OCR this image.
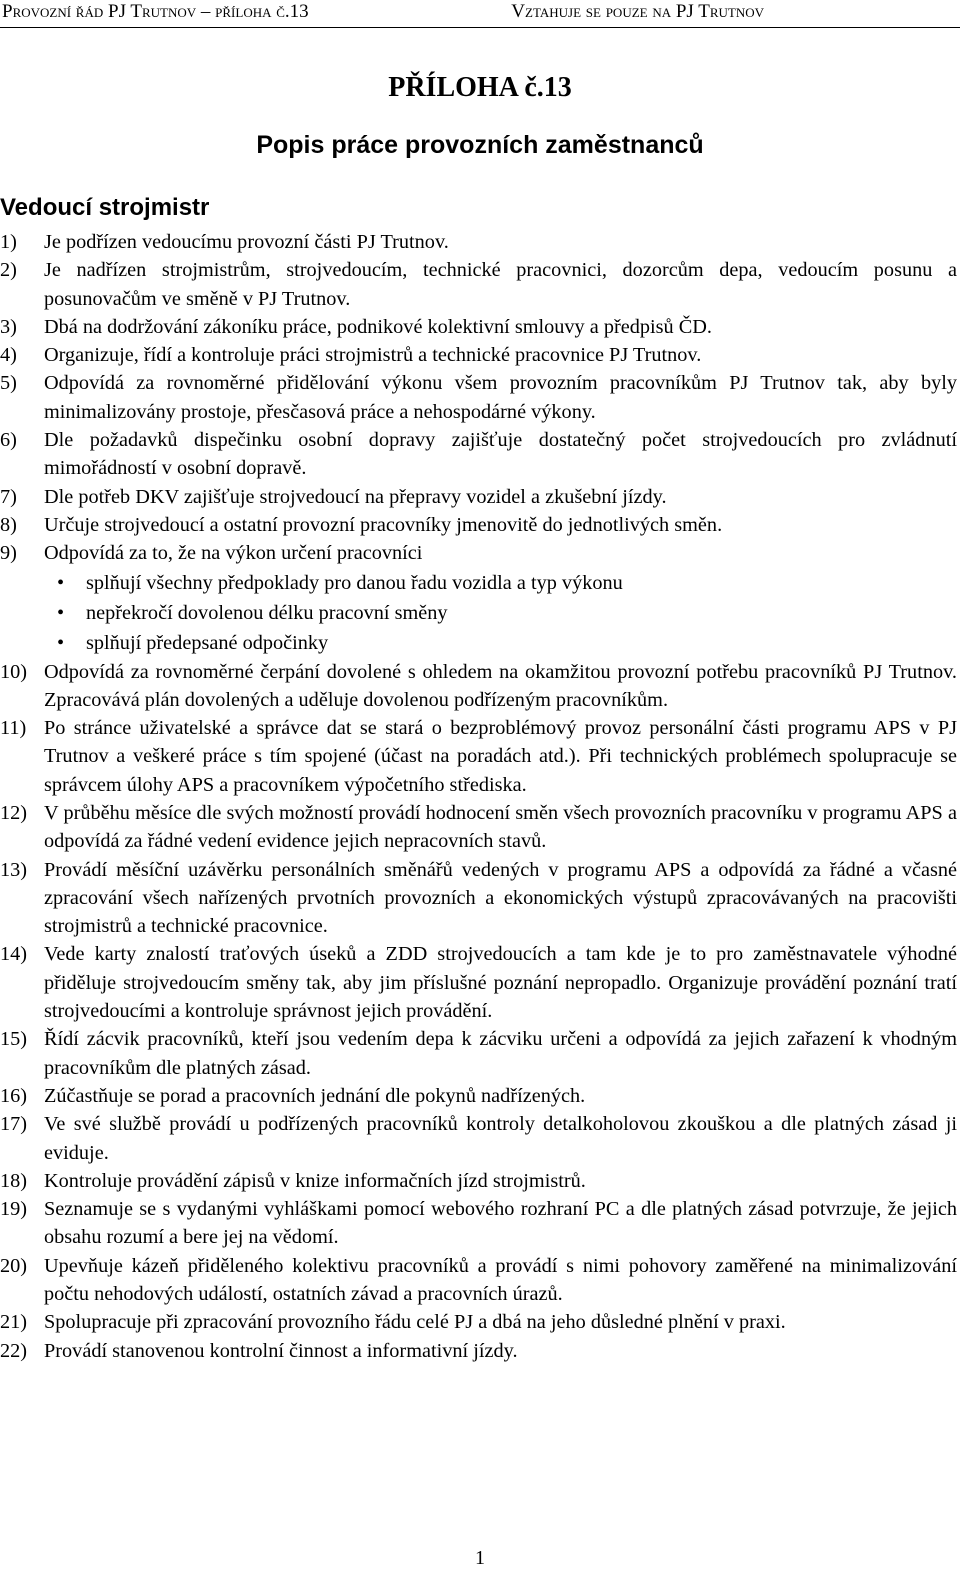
Provozní řád PJ Trutnov – příloha č.13	Vztahuje se pouze na PJ Trutnov
PŘÍLOHA č.13
Popis práce provozních zaměstnanců
Vedoucí strojmistr
1) Je podřízen vedoucímu provozní části PJ Trutnov.
2) Je nadřízen strojmistrům, strojvedoucím, technické pracovnici, dozorcům depa, vedoucím posunu a posunovačům ve směně v PJ Trutnov.
3) Dbá na dodržování zákoníku práce, podnikové kolektivní smlouvy a předpisů ČD.
4) Organizuje, řídí a kontroluje práci strojmistrů a technické pracovnice PJ Trutnov.
5) Odpovídá za rovnoměrné přidělování výkonu všem provozním pracovníkům PJ Trutnov tak, aby byly minimalizovány prostoje, přesčasová práce a nehospodárné výkony.
6) Dle požadavků dispečinku osobní dopravy zajišťuje dostatečný počet strojvedoucích pro zvládnutí mimořádností v osobní dopravě.
7) Dle potřeb DKV zajišťuje strojvedoucí na přepravy vozidel a zkušební jízdy.
8) Určuje strojvedoucí a ostatní provozní pracovníky jmenovitě do jednotlivých směn.
9) Odpovídá za to, že na výkon určení pracovníci
• splňují všechny předpoklady pro danou řadu vozidla a typ výkonu
• nepřekročí dovolenou délku pracovní směny
• splňují předepsané odpočinky
10) Odpovídá za rovnoměrné čerpání dovolené s ohledem na okamžitou provozní potřebu pracovníků PJ Trutnov. Zpracovává plán dovolených a uděluje dovolenou podřízeným pracovníkům.
11) Po stránce uživatelské a správce dat se stará o bezproblémový provoz personální části programu APS v PJ Trutnov a veškeré práce s tím spojené (účast na poradách atd.). Při technických problémech spolupracuje se správcem úlohy APS a pracovníkem výpočetního střediska.
12) V průběhu měsíce dle svých možností provádí hodnocení směn všech provozních pracovníku v programu APS a odpovídá za řádné vedení evidence jejich nepracovních stavů.
13) Provádí měsíční uzávěrku personálních směnářů vedených v programu APS a odpovídá za řádné a včasné zpracování všech nařízených prvotních provozních a ekonomických výstupů zpracovávaných na pracovišti strojmistrů a technické pracovnice.
14) Vede karty znalostí traťových úseků a ZDD strojvedoucích a tam kde je to pro zaměstnavatele výhodné přiděluje strojvedoucím směny tak, aby jim příslušné poznání nepropadlo. Organizuje provádění poznání tratí strojvedoucími a kontroluje správnost jejich provádění.
15) Řídí zácvik pracovníků, kteří jsou vedením depa k zácviku určeni a odpovídá za jejich zařazení k vhodným pracovníkům dle platných zásad.
16) Zúčastňuje se porad a pracovních jednání dle pokynů nadřízených.
17) Ve své službě provádí u podřízených pracovníků kontroly detalkoholovou zkouškou a dle platných zásad ji eviduje.
18) Kontroluje provádění zápisů v knize informačních jízd strojmistrů.
19) Seznamuje se s vydanými vyhláškami pomocí webového rozhraní PC a dle platných zásad potvrzuje, že jejich obsahu rozumí a bere jej na vědomí.
20) Upevňuje kázeň přiděleného kolektivu pracovníků a provádí s nimi pohovory zaměřené na minimalizování počtu nehodových událostí, ostatních závad a pracovních úrazů.
21) Spolupracuje při zpracování provozního řádu celé PJ a dbá na jeho důsledné plnění v praxi.
22) Provádí stanovenou kontrolní činnost a informativní jízdy.
1
